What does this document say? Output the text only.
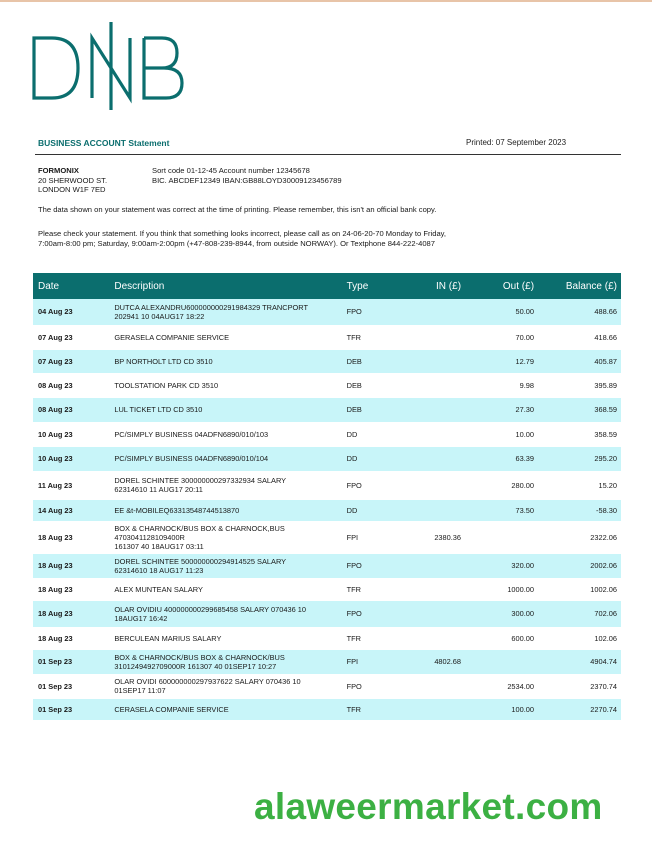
BUSINESS ACCOUNT Statement	Printed: 07 September 2023
FORMONIX
20 SHERWOOD ST.
LONDON W1F 7ED
Sort code 01-12-45 Account number 12345678
BIC. ABCDEF12349 IBAN:GB88LOYD30009123456789
The data shown on your statement was correct at the time of printing. Please remember, this isn't an official bank copy.
Please check your statement. If you think that something looks incorrect, please call as on 24-06-20-70 Monday to Friday, 7:00am-8:00 pm; Saturday, 9:00am-2:00pm (+47-808-239-8944, from outside NORWAY). Or Textphone 844-222-4087
Date	Description	Type	IN (£)	Out (£)	Balance (£)
04 Aug 23	DUTCA ALEXANDRU600000000291984329 TRANCPORT
202941 10 04AUG17 18:22	FPO		50.00	488.66
07 Aug 23	GERASELA COMPANIE SERVICE	TFR		70.00	418.66
07 Aug 23	BP NORTHOLT LTD CD 3510	DEB		12.79	405.87
08 Aug 23	TOOLSTATION PARK CD 3510	DEB		9.98	395.89
08 Aug 23	LUL TICKET LTD CD 3510	DEB		27.30	368.59
10 Aug 23	PC/SIMPLY BUSINESS 04ADFN6890/010/103	DD		10.00	358.59
10 Aug 23	PC/SIMPLY BUSINESS 04ADFN6890/010/104	DD		63.39	295.20
11 Aug 23	DOREL SCHINTEE 300000000297332934 SALARY
62314610 11 AUG17 20:11	FPO		280.00	15.20
14 Aug 23	EE &t-MOBILEQ63313548744513870	DD		73.50	-58.30
18 Aug 23	BOX & CHARNOCK/BUS BOX & CHARNOCK,BUS 4703041128109400R
161307 40 18AUG17 03:11	FPI	2380.36		2322.06
18 Aug 23	DOREL SCHINTEE 500000000294914525 SALARY
62314610 18 AUG17 11:23	FPO		320.00	2002.06
18 Aug 23	ALEX MUNTEAN SALARY	TFR		1000.00	1002.06
18 Aug 23	OLAR OVIDIU 400000000299685458 SALARY 070436 10
18AUG17 16:42	FPO		300.00	702.06
18 Aug 23	BERCULEAN MARIUS SALARY	TFR		600.00	102.06
01 Sep 23	BOX & CHARNOCK/BUS BOX & CHARNOCK/BUS
3101249492709000R 161307 40 01SEP17 10:27	FPI	4802.68		4904.74
01 Sep 23	OLAR OVIDI 600000000297937622 SALARY 070436 10
01SEP17 11:07	FPO		2534.00	2370.74
01 Sep 23	CERASELA COMPANIE SERVICE	TFR		100.00	2270.74
alaweermarket.com
